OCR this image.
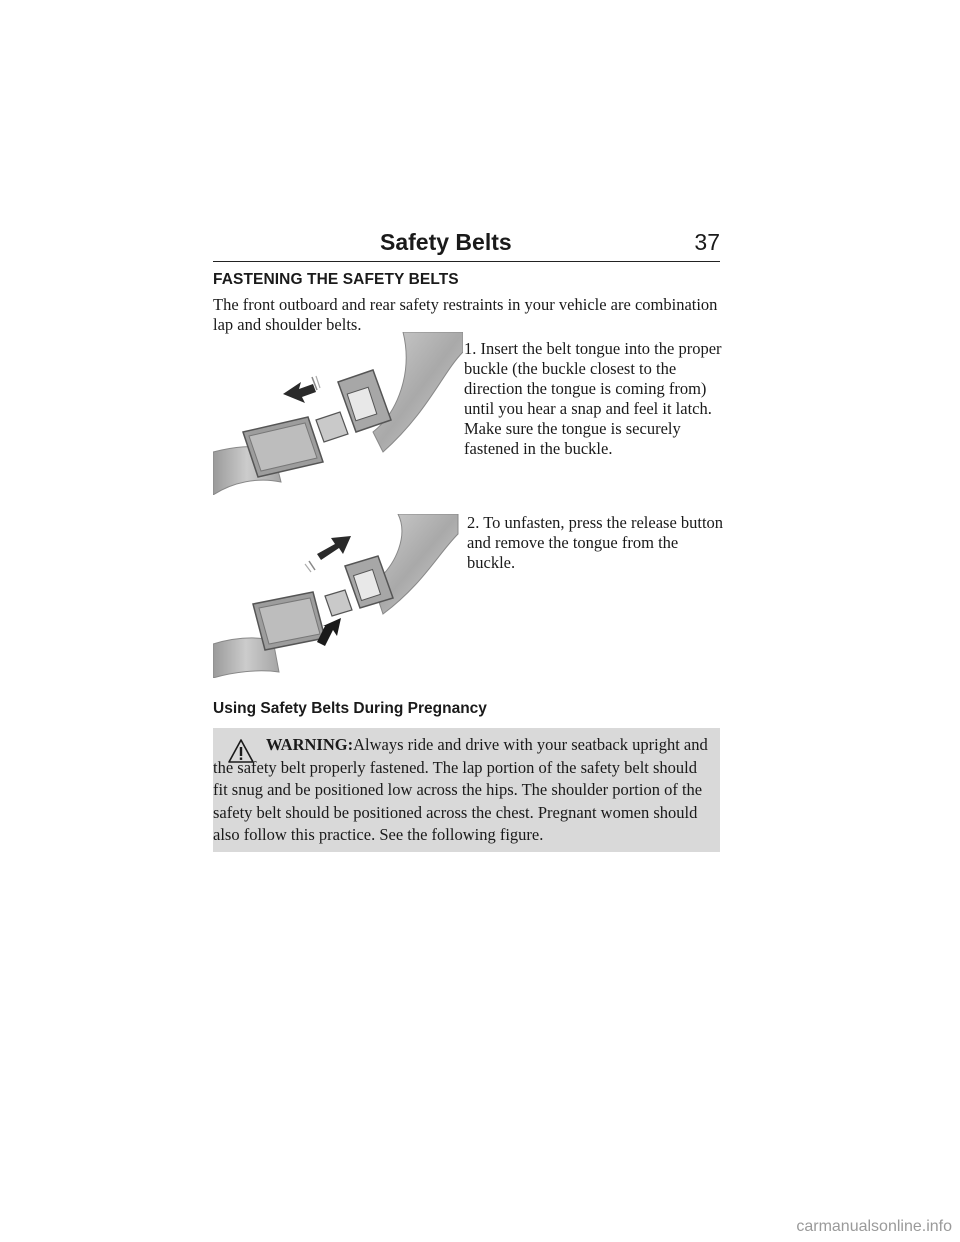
Safety Belts	37
FASTENING THE SAFETY BELTS
The front outboard and rear safety restraints in your vehicle are combination lap and shoulder belts.
1. Insert the belt tongue into the proper buckle (the buckle closest to the direction the tongue is coming from) until you hear a snap and feel it latch. Make sure the tongue is securely fastened in the buckle.
2. To unfasten, press the release button and remove the tongue from the buckle.
Using Safety Belts During Pregnancy
WARNING:Always ride and drive with your seatback upright and the safety belt properly fastened. The lap portion of the safety belt should fit snug and be positioned low across the hips. The shoulder portion of the safety belt should be positioned across the chest. Pregnant women should also follow this practice. See the following figure.
carmanualsonline.info
